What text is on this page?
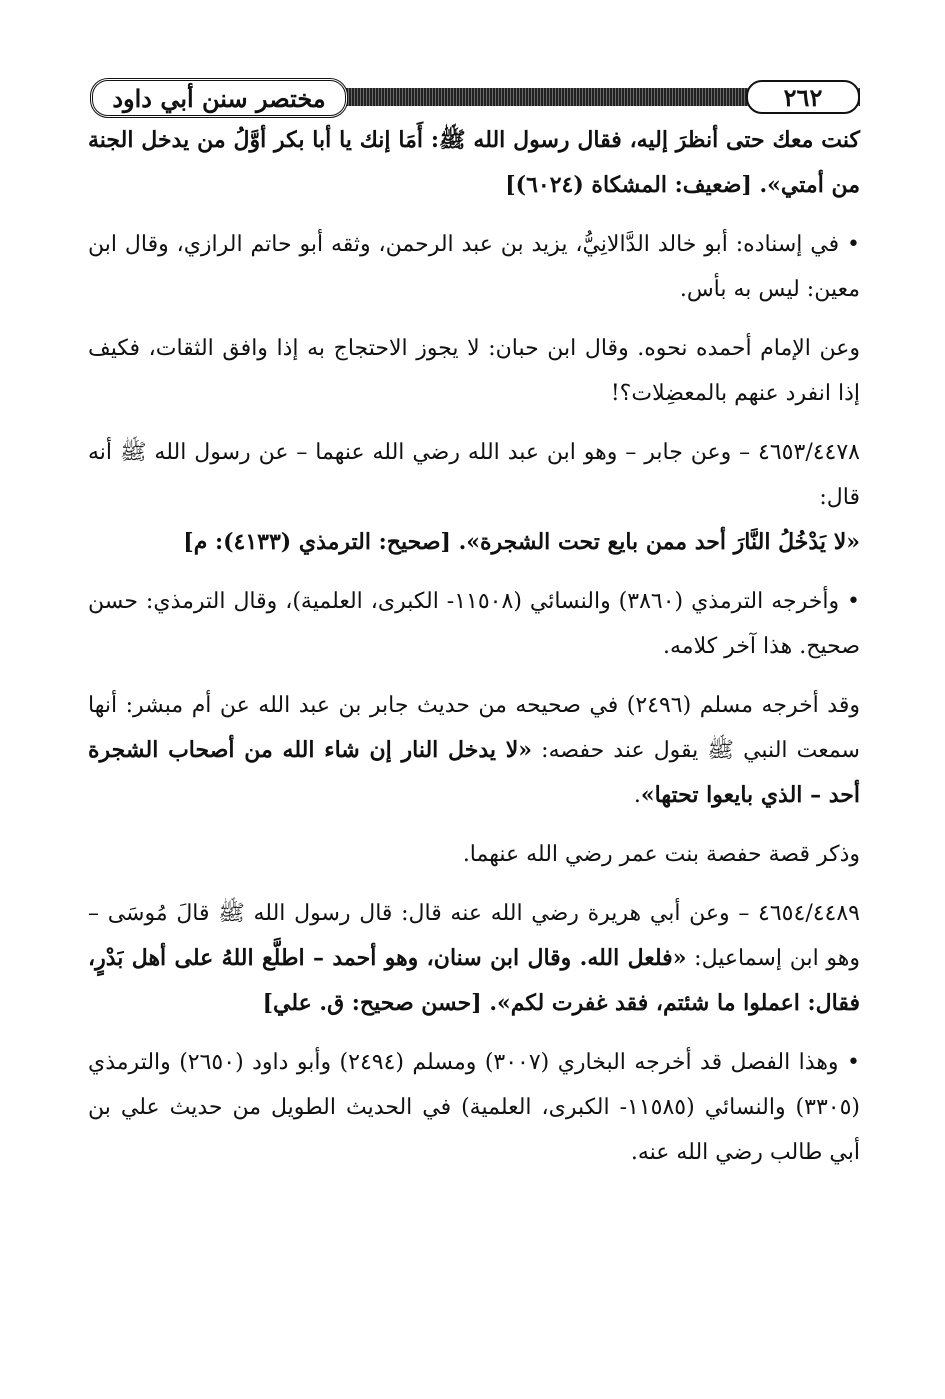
مختصر سنن أبي داود	٢٦٢

كنت معك حتى أنظرَ إليه، فقال رسول الله ﷺ: أَمَا إنك يا أبا بكر أوَّلُ من يدخل الجنة من أمتي». [ضعيف: المشكاة (٦٠٢٤)]

• في إسناده: أبو خالد الدَّالانِيُّ، يزيد بن عبد الرحمن، وثقه أبو حاتم الرازي، وقال ابن معين: ليس به بأس.

وعن الإمام أحمده نحوه. وقال ابن حبان: لا يجوز الاحتجاج به إذا وافق الثقات، فكيف إذا انفرد عنهم بالمعضِلات؟!

٤٦٥٣/٤٤٧٨ – وعن جابر – وهو ابن عبد الله رضي الله عنهما – عن رسول الله ﷺ أنه قال:

«لا يَدْخُلُ النَّارَ أحد ممن بايع تحت الشجرة». [صحيح: الترمذي (٤١٣٣): م]

• وأخرجه الترمذي (٣٨٦٠) والنسائي (١١٥٠٨- الكبرى، العلمية)، وقال الترمذي: حسن صحيح. هذا آخر كلامه.

وقد أخرجه مسلم (٢٤٩٦) في صحيحه من حديث جابر بن عبد الله عن أم مبشر: أنها سمعت النبي ﷺ يقول عند حفصه: «لا يدخل النار إن شاء الله من أصحاب الشجرة أحد – الذي بايعوا تحتها».

وذكر قصة حفصة بنت عمر رضي الله عنهما.

٤٦٥٤/٤٤٨٩ – وعن أبي هريرة رضي الله عنه قال: قال رسول الله ﷺ قالَ مُوسَى – وهو ابن إسماعيل: «فلعل الله. وقال ابن سنان، وهو أحمد – اطلَّع اللهُ على أهل بَدْرٍ، فقال: اعملوا ما شئتم، فقد غفرت لكم». [حسن صحيح: ق. علي]

• وهذا الفصل قد أخرجه البخاري (٣٠٠٧) ومسلم (٢٤٩٤) وأبو داود (٢٦٥٠) والترمذي (٣٣٠٥) والنسائي (١١٥٨٥- الكبرى، العلمية) في الحديث الطويل من حديث علي بن أبي طالب رضي الله عنه.
